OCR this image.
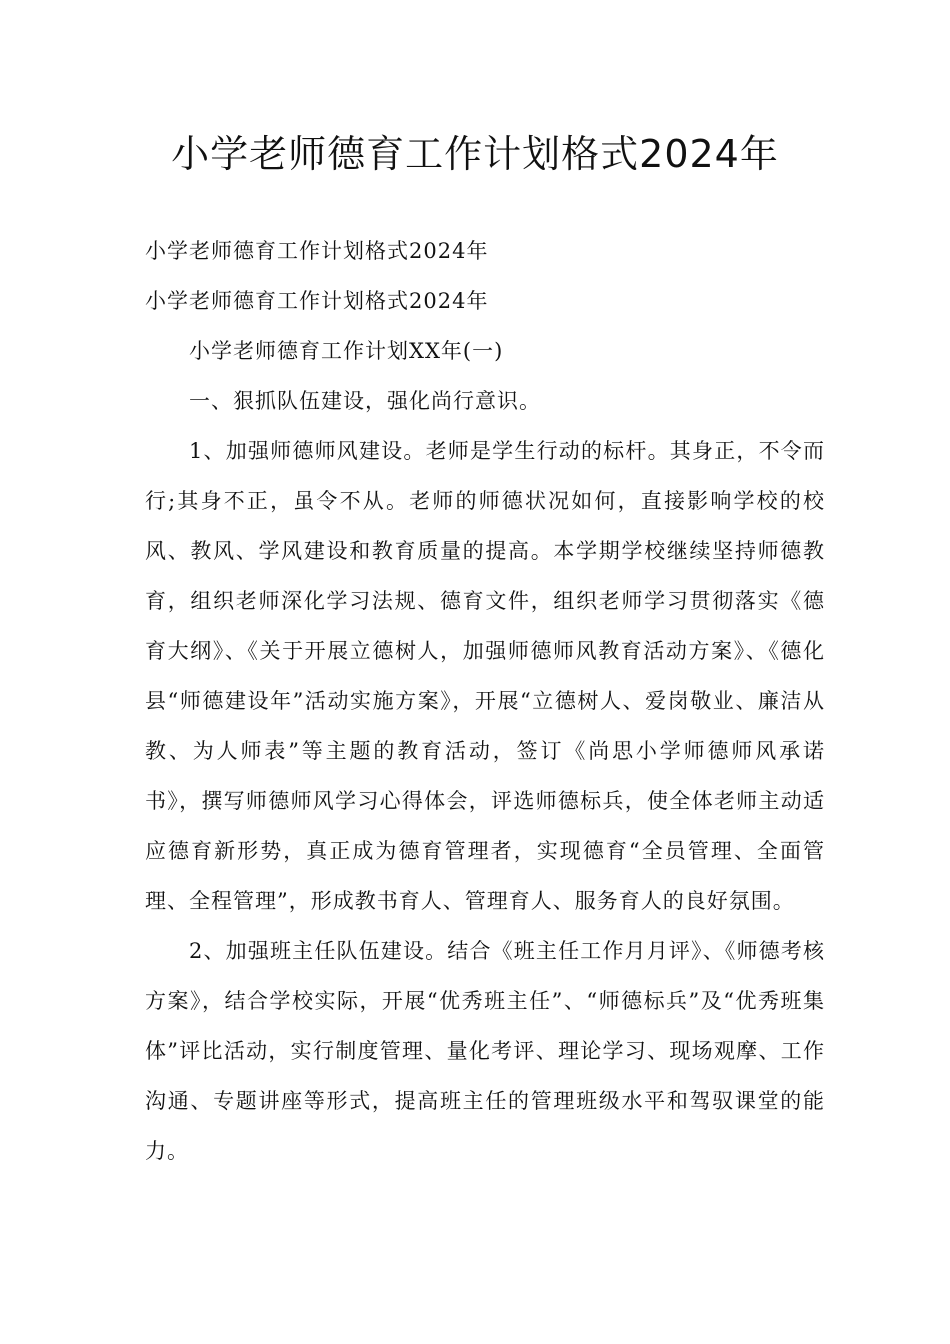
小学老师德育工作计划格式2024年

小学老师德育工作计划格式2024年

小学老师德育工作计划格式2024年

小学老师德育工作计划XX年(一)

一、狠抓队伍建设，强化尚行意识。

1、加强师德师风建设。老师是学生行动的标杆。其身正，不令而行;其身不正，虽令不从。老师的师德状况如何，直接影响学校的校风、教风、学风建设和教育质量的提高。本学期学校继续坚持师德教育，组织老师深化学习法规、德育文件，组织老师学习贯彻落实《德育大纲》、《关于开展立德树人，加强师德师风教育活动方案》、《德化县“师德建设年”活动实施方案》，开展“立德树人、爱岗敬业、廉洁从教、为人师表”等主题的教育活动，签订《尚思小学师德师风承诺书》，撰写师德师风学习心得体会，评选师德标兵，使全体老师主动适应德育新形势，真正成为德育管理者，实现德育“全员管理、全面管理、全程管理”，形成教书育人、管理育人、服务育人的良好氛围。

2、加强班主任队伍建设。结合《班主任工作月月评》、《师德考核方案》，结合学校实际，开展“优秀班主任”、“师德标兵”及“优秀班集体”评比活动，实行制度管理、量化考评、理论学习、现场观摩、工作沟通、专题讲座等形式，提高班主任的管理班级水平和驾驭课堂的能力。
